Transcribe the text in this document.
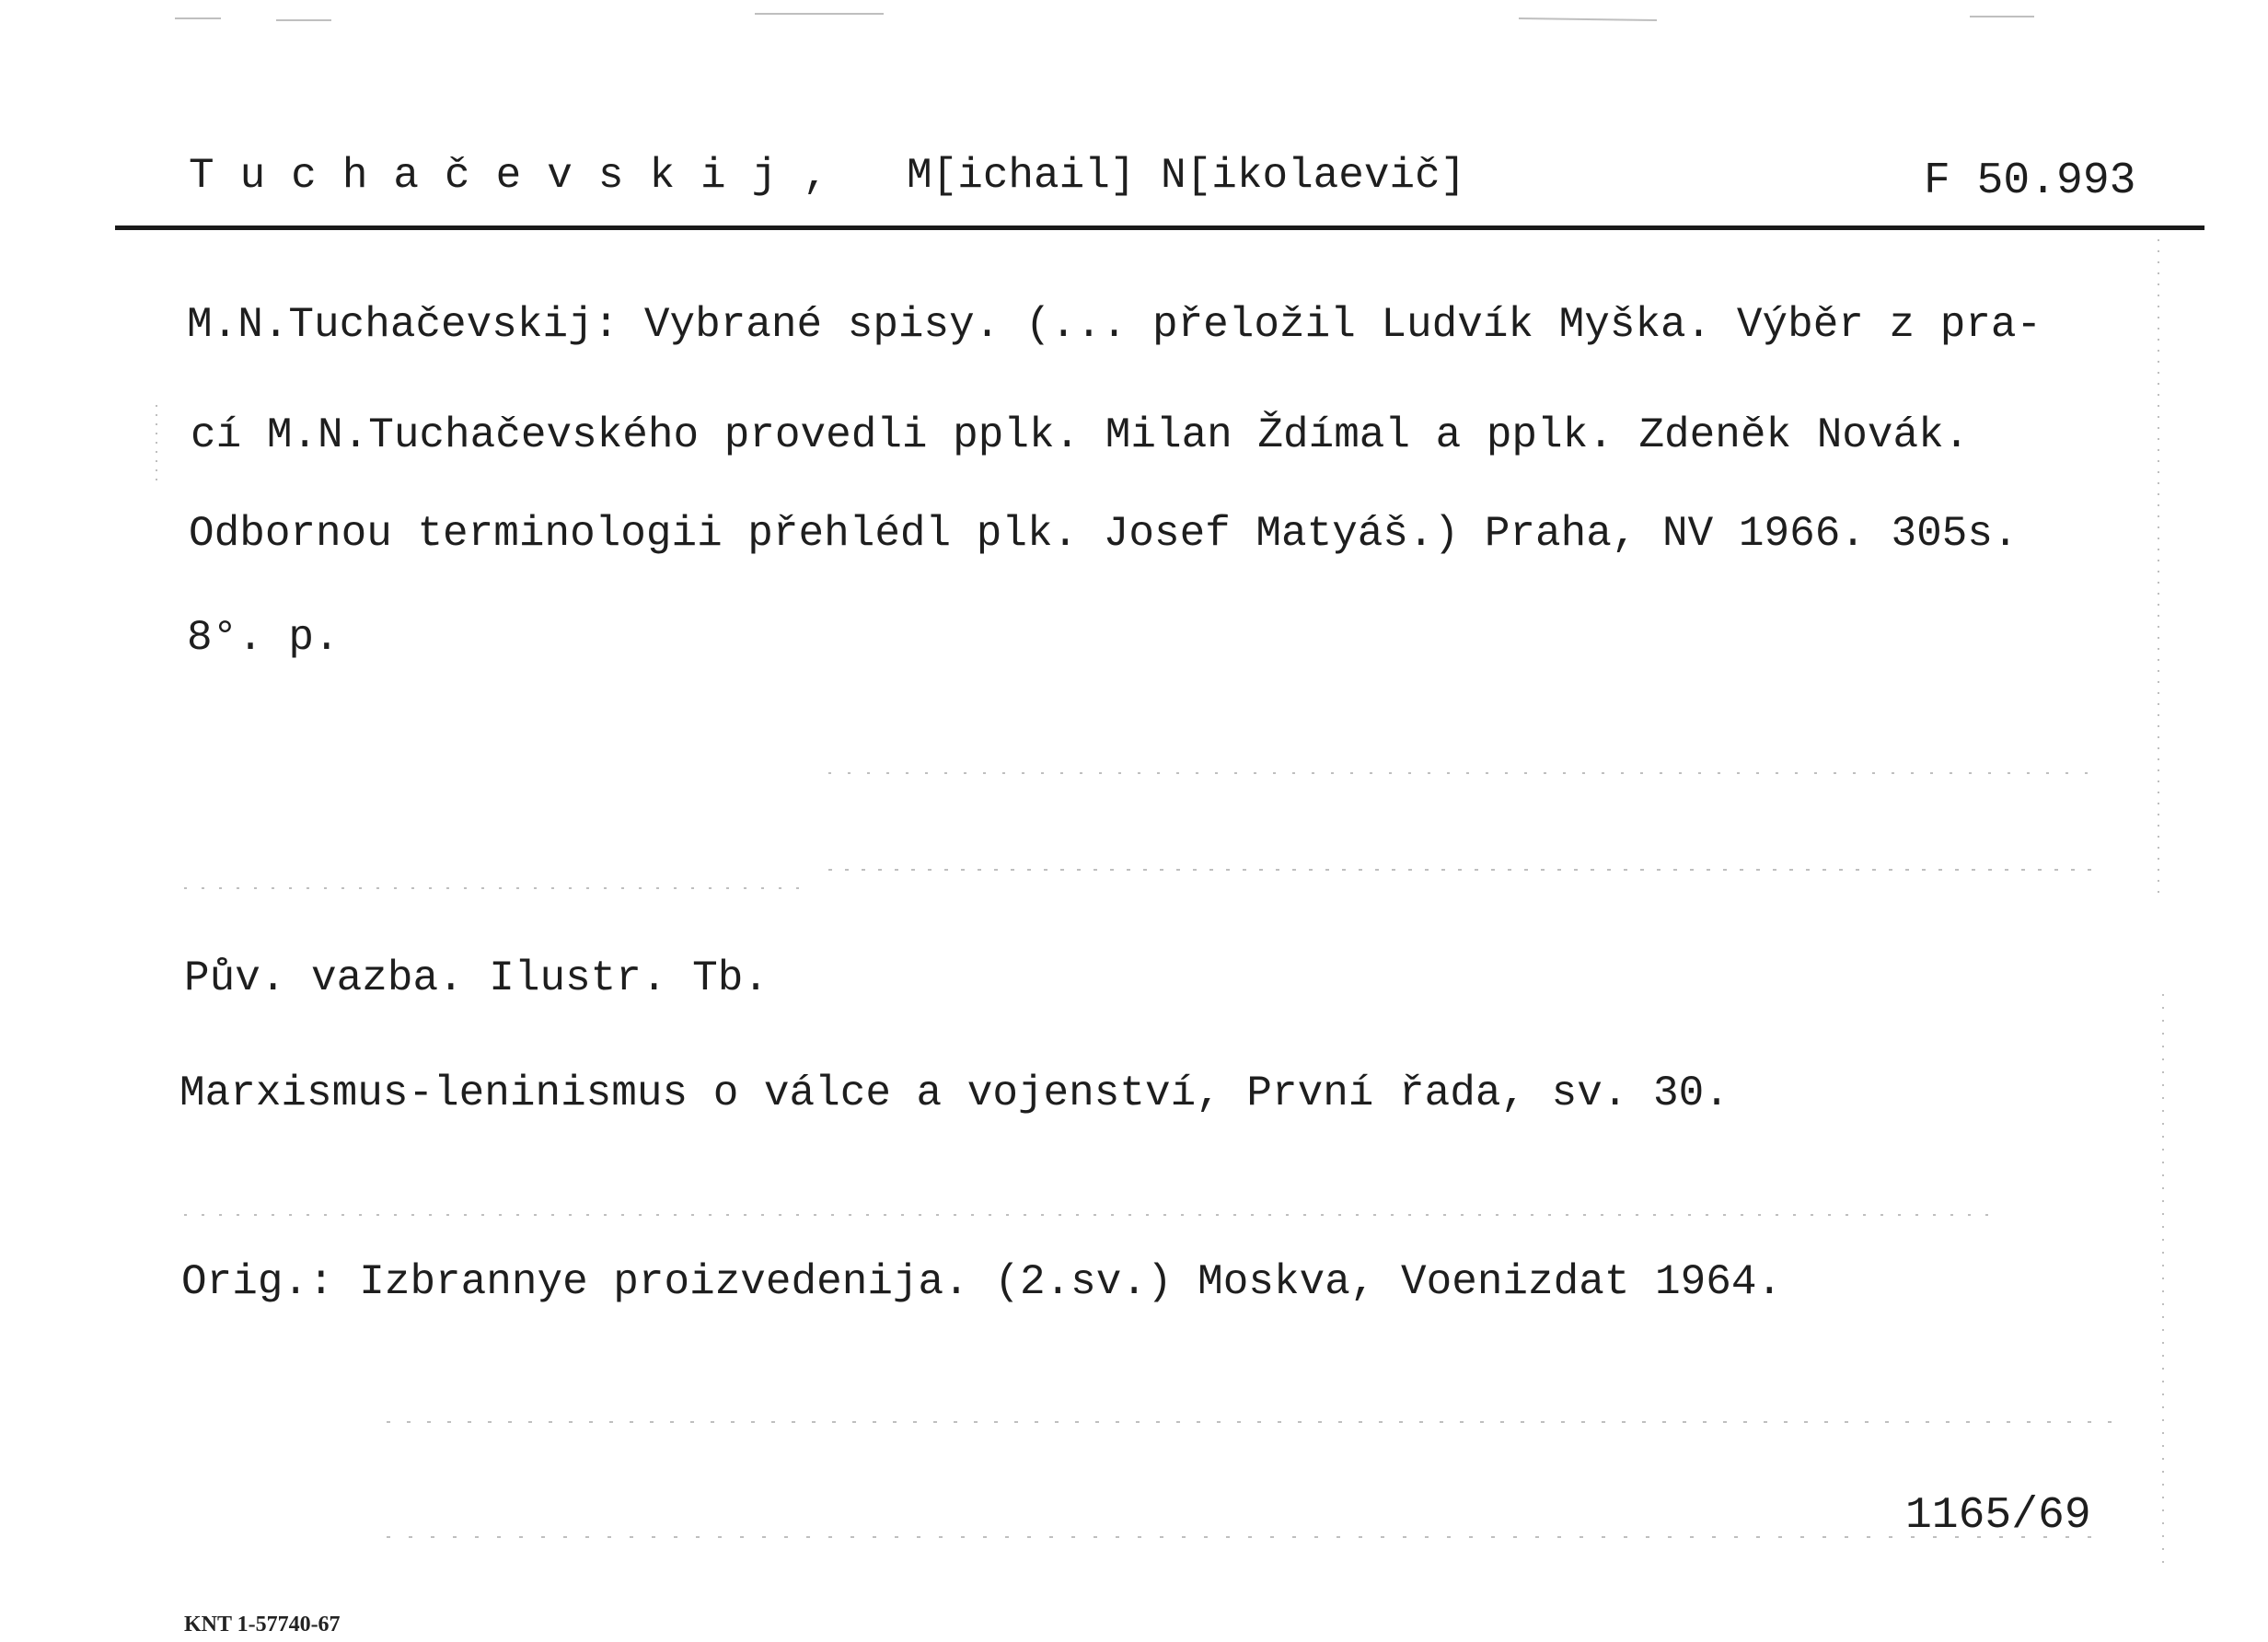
Tuchačevskij, M[ichail] N[ikolaevič]	F 50.993
M.N.Tuchačevskij: Vybrané spisy. (... přeložil Ludvík Myška. Výběr z pra-
cí M.N.Tuchačevského provedli pplk. Milan Ždímal a pplk. Zdeněk Novák.
Odbornou terminologii přehlédl plk. Josef Matyáš.) Praha, NV 1966. 305s.
8°. p.
Pův. vazba. Ilustr. Tb.
Marxismus-leninismus o válce a vojenství, První řada, sv. 30.
Orig.: Izbrannye proizvedenija. (2.sv.) Moskva, Voenizdat 1964.
1165/69
KNT 1-57740-67
